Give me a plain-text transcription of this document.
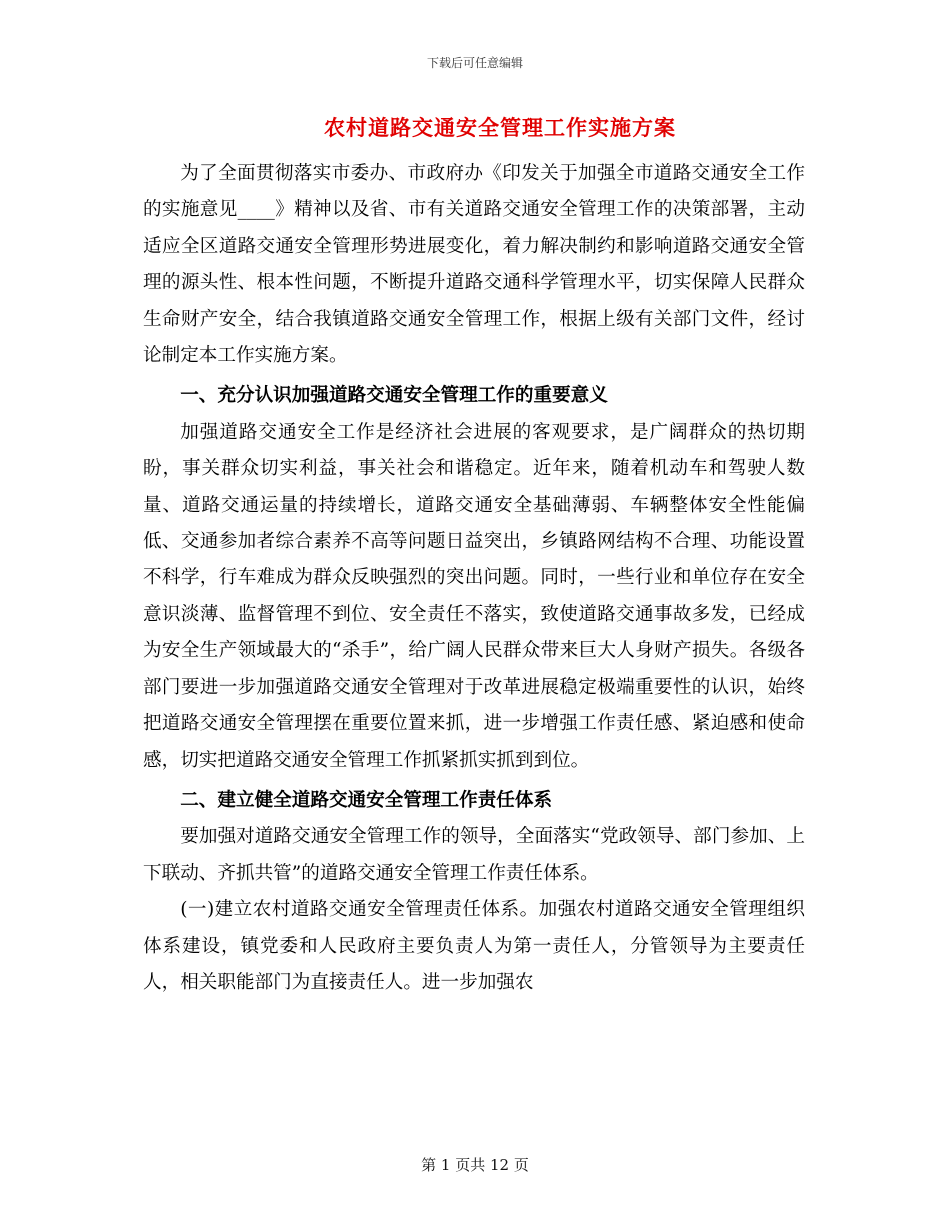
下载后可任意编辑
农村道路交通安全管理工作实施方案

为了全面贯彻落实市委办、市政府办《印发关于加强全市道路交通安全工作的实施意见____》精神以及省、市有关道路交通安全管理工作的决策部署，主动适应全区道路交通安全管理形势进展变化，着力解决制约和影响道路交通安全管理的源头性、根本性问题，不断提升道路交通科学管理水平，切实保障人民群众生命财产安全，结合我镇道路交通安全管理工作，根据上级有关部门文件，经讨论制定本工作实施方案。

一、充分认识加强道路交通安全管理工作的重要意义

加强道路交通安全工作是经济社会进展的客观要求，是广阔群众的热切期盼，事关群众切实利益，事关社会和谐稳定。近年来，随着机动车和驾驶人数量、道路交通运量的持续增长，道路交通安全基础薄弱、车辆整体安全性能偏低、交通参加者综合素养不高等问题日益突出，乡镇路网结构不合理、功能设置不科学，行车难成为群众反映强烈的突出问题。同时，一些行业和单位存在安全意识淡薄、监督管理不到位、安全责任不落实，致使道路交通事故多发，已经成为安全生产领域最大的“杀手”，给广阔人民群众带来巨大人身财产损失。各级各部门要进一步加强道路交通安全管理对于改革进展稳定极端重要性的认识，始终把道路交通安全管理摆在重要位置来抓，进一步增强工作责任感、紧迫感和使命感，切实把道路交通安全管理工作抓紧抓实抓到到位。

二、建立健全道路交通安全管理工作责任体系

要加强对道路交通安全管理工作的领导，全面落实“党政领导、部门参加、上下联动、齐抓共管”的道路交通安全管理工作责任体系。

(一)建立农村道路交通安全管理责任体系。加强农村道路交通安全管理组织体系建设，镇党委和人民政府主要负责人为第一责任人，分管领导为主要责任人，相关职能部门为直接责任人。进一步加强农

第 1 页共 12 页
